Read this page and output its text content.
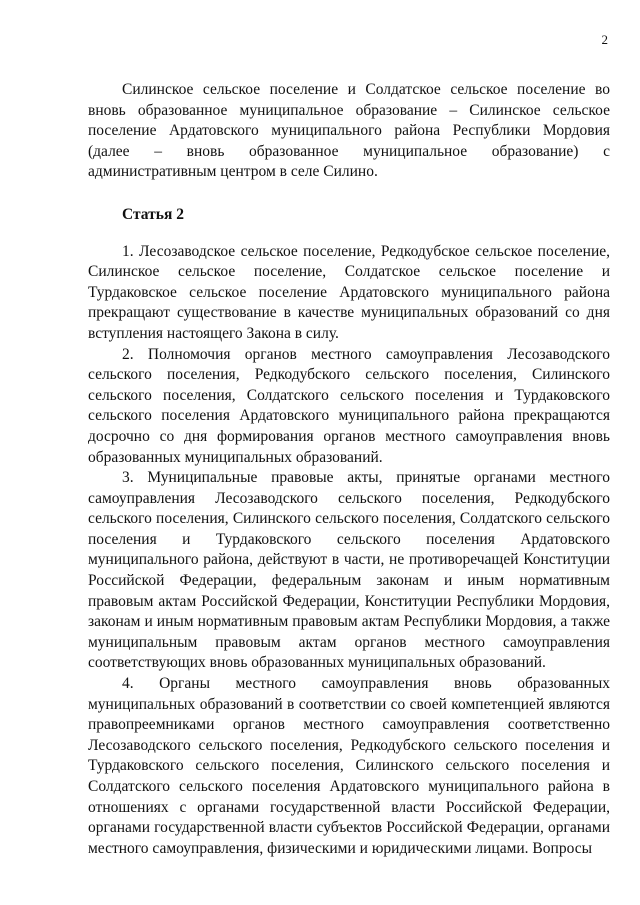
2

Силинское сельское поселение и Солдатское сельское поселение во вновь образованное муниципальное образование – Силинское сельское поселение Ардатовского муниципального района Республики Мордовия (далее – вновь образованное муниципальное образование) с административным центром в селе Силино.

Статья 2

1. Лесозаводское сельское поселение, Редкодубское сельское поселение, Силинское сельское поселение, Солдатское сельское поселение и Турдаковское сельское поселение Ардатовского муниципального района прекращают существование в качестве муниципальных образований со дня вступления настоящего Закона в силу.

2. Полномочия органов местного самоуправления Лесозаводского сельского поселения, Редкодубского сельского поселения, Силинского сельского поселения, Солдатского сельского поселения и Турдаковского сельского поселения Ардатовского муниципального района прекращаются досрочно со дня формирования органов местного самоуправления вновь образованных муниципальных образований.

3. Муниципальные правовые акты, принятые органами местного самоуправления Лесозаводского сельского поселения, Редкодубского сельского поселения, Силинского сельского поселения, Солдатского сельского поселения и Турдаковского сельского поселения Ардатовского муниципального района, действуют в части, не противоречащей Конституции Российской Федерации, федеральным законам и иным нормативным правовым актам Российской Федерации, Конституции Республики Мордовия, законам и иным нормативным правовым актам Республики Мордовия, а также муниципальным правовым актам органов местного самоуправления соответствующих вновь образованных муниципальных образований.

4. Органы местного самоуправления вновь образованных муниципальных образований в соответствии со своей компетенцией являются правопреемниками органов местного самоуправления соответственно Лесозаводского сельского поселения, Редкодубского сельского поселения и Турдаковского сельского поселения, Силинского сельского поселения и Солдатского сельского поселения Ардатовского муниципального района в отношениях с органами государственной власти Российской Федерации, органами государственной власти субъектов Российской Федерации, органами местного самоуправления, физическими и юридическими лицами. Вопросы
